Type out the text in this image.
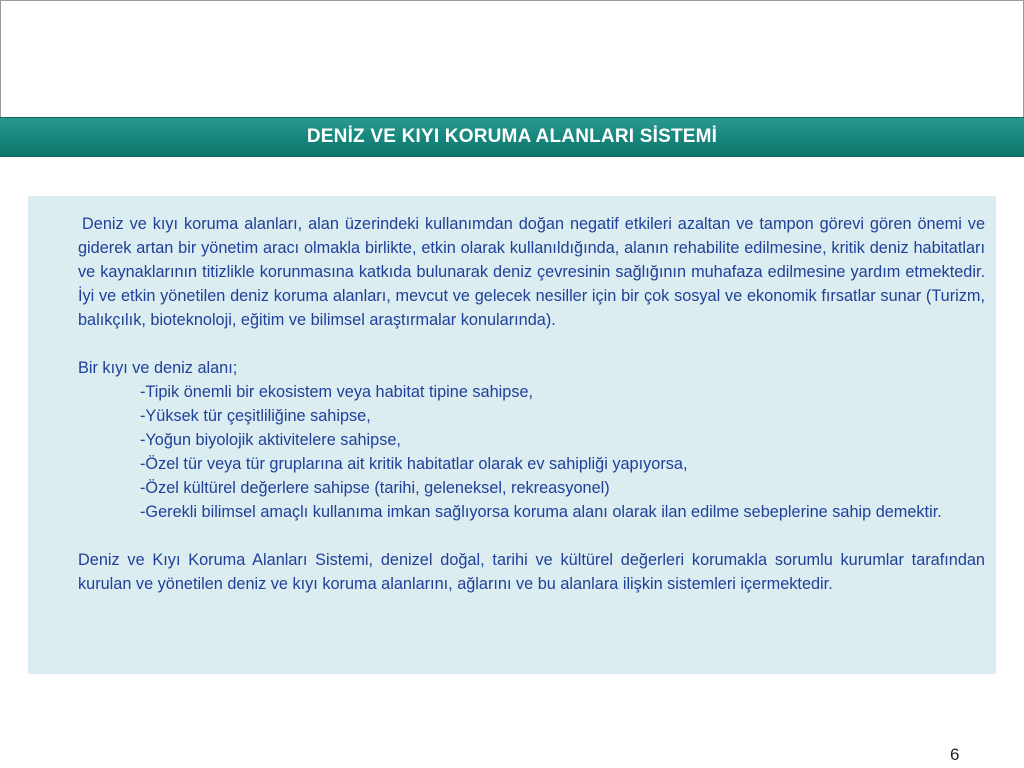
DENİZ VE KIYI KORUMA ALANLARI SİSTEMİ

Deniz ve kıyı koruma alanları, alan üzerindeki kullanımdan doğan negatif etkileri azaltan ve tampon görevi gören önemi ve giderek artan bir yönetim aracı olmakla birlikte, etkin olarak kullanıldığında, alanın rehabilite edilmesine, kritik deniz habitatları ve kaynaklarının titizlikle korunmasına katkıda bulunarak deniz çevresinin sağlığının muhafaza edilmesine yardım etmektedir. İyi ve etkin yönetilen deniz koruma alanları, mevcut ve gelecek nesiller için bir çok sosyal ve ekonomik fırsatlar sunar (Turizm, balıkçılık, bioteknoloji, eğitim ve bilimsel araştırmalar konularında).

Bir kıyı ve deniz alanı;

-Tipik önemli bir ekosistem veya habitat tipine sahipse,
-Yüksek tür çeşitliliğine sahipse,
-Yoğun biyolojik aktivitelere sahipse,
-Özel tür veya tür gruplarına ait kritik habitatlar olarak ev sahipliği yapıyorsa,
-Özel kültürel değerlere sahipse (tarihi, geleneksel, rekreasyonel)
-Gerekli bilimsel amaçlı kullanıma imkan sağlıyorsa koruma alanı olarak ilan edilme sebeplerine sahip demektir.

Deniz ve Kıyı Koruma Alanları Sistemi, denizel doğal, tarihi ve kültürel değerleri korumakla sorumlu kurumlar tarafından kurulan ve yönetilen deniz ve kıyı koruma alanlarını, ağlarını ve bu alanlara ilişkin sistemleri içermektedir.

6
